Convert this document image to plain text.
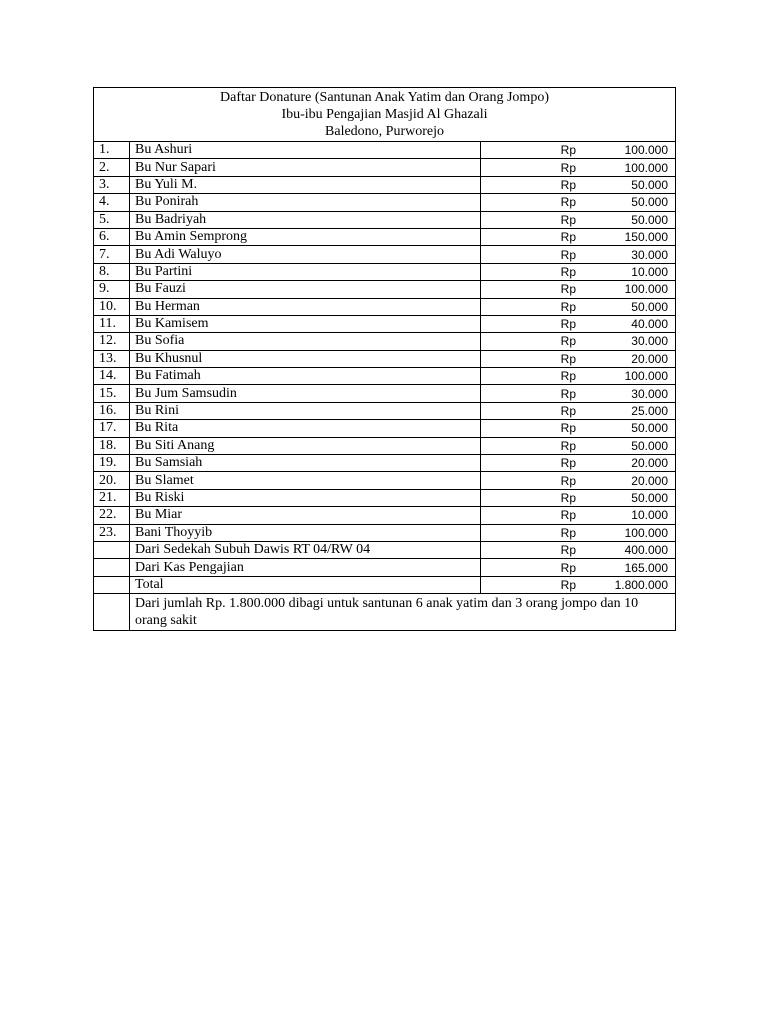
Daftar Donature (Santunan Anak Yatim dan Orang Jompo)
Ibu-ibu Pengajian Masjid Al Ghazali
Baledono, Purworejo		

1.	Bu Ashuri	Rp 100.000
2.	Bu Nur Sapari	Rp 100.000
3.	Bu Yuli M.	Rp 50.000
4.	Bu Ponirah	Rp 50.000
5.	Bu Badriyah	Rp 50.000
6.	Bu Amin Semprong	Rp 150.000
7.	Bu Adi Waluyo	Rp 30.000
8.	Bu Partini	Rp 10.000
9.	Bu Fauzi	Rp 100.000
10.	Bu Herman	Rp 50.000
11.	Bu Kamisem	Rp 40.000
12.	Bu Sofia	Rp 30.000
13.	Bu Khusnul	Rp 20.000
14.	Bu Fatimah	Rp 100.000
15.	Bu Jum Samsudin	Rp 30.000
16.	Bu Rini	Rp 25.000
17.	Bu Rita	Rp 50.000
18.	Bu Siti Anang	Rp 50.000
19.	Bu Samsiah	Rp 20.000
20.	Bu Slamet	Rp 20.000
21.	Bu Riski	Rp 50.000
22.	Bu Miar	Rp 10.000
23.	Bani Thoyyib	Rp 100.000
	Dari Sedekah Subuh Dawis RT 04/RW 04	Rp 400.000
	Dari Kas Pengajian	Rp 165.000
	Total	Rp 1.800.000
	Dari jumlah Rp. 1.800.000 dibagi untuk santunan 6 anak yatim dan 3 orang jompo dan 10 orang sakit	
